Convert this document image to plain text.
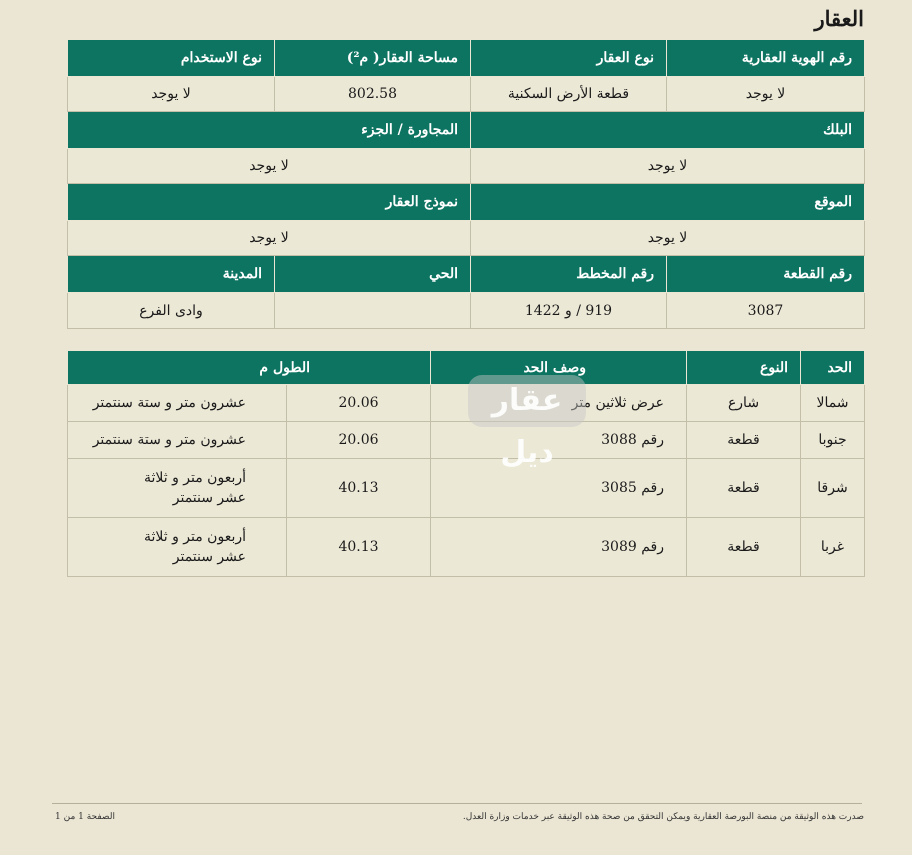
العقار
رقم الهوية العقارية	نوع العقار	مساحة العقار( م²)	نوع الاستخدام
لا يوجد	قطعة الأرض السكنية	802.58	لا يوجد
البلك		المجاورة / الجزء	
لا يوجد		لا يوجد	
الموقع		نموذج العقار	
لا يوجد		لا يوجد	
رقم القطعة	رقم المخطط	الحي	المدينة
3087	919 / و 1422		وادى الفرع
الحد	النوع	وصف الحد	الطول م	
شمالا	شارع	عرض ثلاثين متر	20.06	عشرون متر و ستة سنتمتر
جنوبا	قطعة	رقم 3088	20.06	عشرون متر و ستة سنتمتر
شرقا	قطعة	رقم 3085	40.13	أربعون متر و ثلاثة عشر سنتمتر
غربا	قطعة	رقم 3089	40.13	أربعون متر و ثلاثة عشر سنتمتر
عقار ديل
صدرت هذه الوثيقة من منصة البورصة العقارية ويمكن التحقق من صحة هذه الوثيقة عبر خدمات وزارة العدل.
الصفحة 1 من 1
